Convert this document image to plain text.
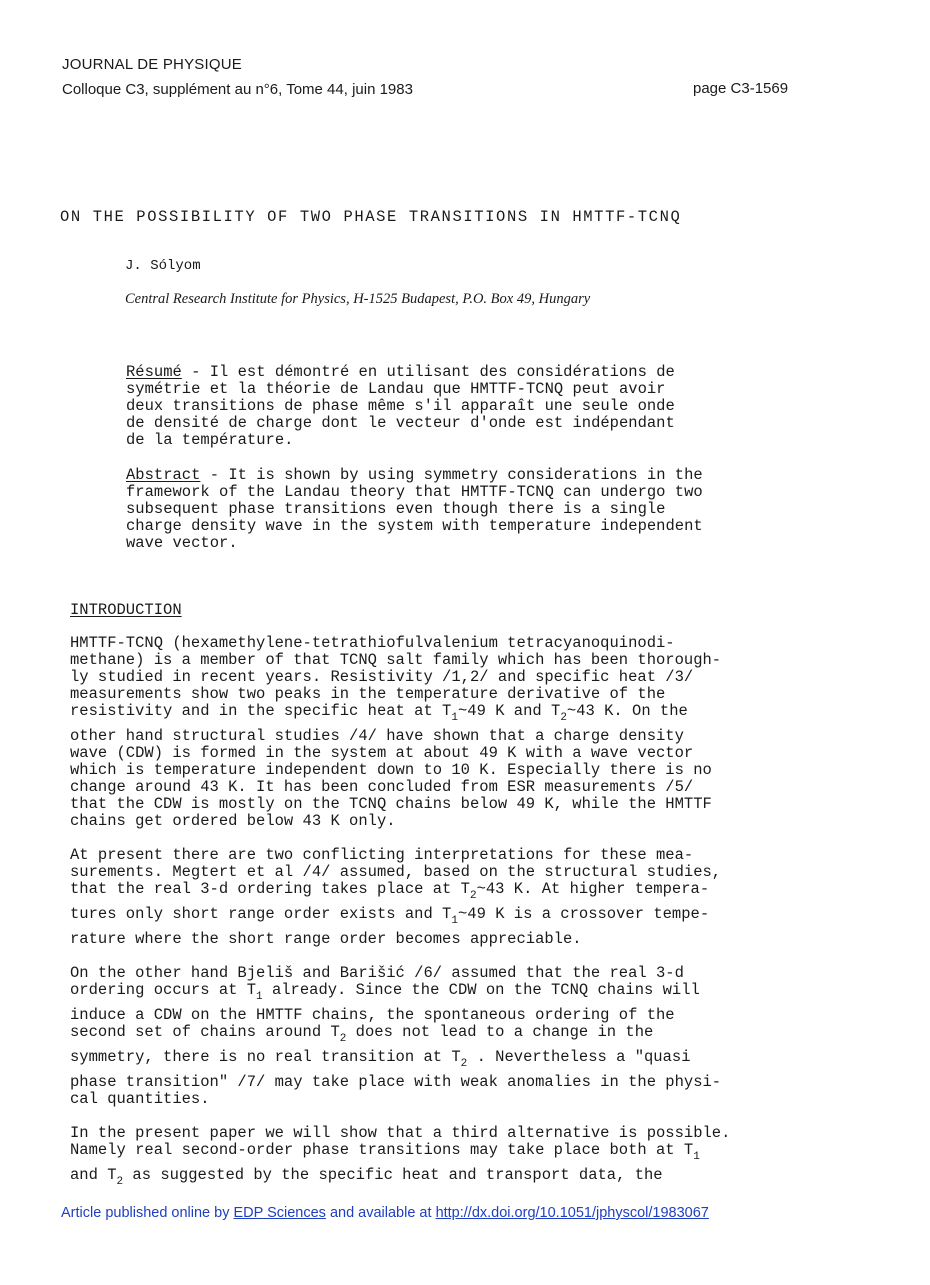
JOURNAL DE PHYSIQUE
Colloque C3, supplément au n°6, Tome 44, juin 1983	page C3-1569
ON THE POSSIBILITY OF TWO PHASE TRANSITIONS IN HMTTF-TCNQ
J. Sólyom
Central Research Institute for Physics, H-1525 Budapest, P.O. Box 49, Hungary
Résumé - Il est démontré en utilisant des considérations de
symétrie et la théorie de Landau que HMTTF-TCNQ peut avoir
deux transitions de phase même s'il apparaît une seule onde
de densité de charge dont le vecteur d'onde est indépendant
de la température.
Abstract - It is shown by using symmetry considerations in the
framework of the Landau theory that HMTTF-TCNQ can undergo two
subsequent phase transitions even though there is a single
charge density wave in the system with temperature independent
wave vector.
INTRODUCTION
HMTTF-TCNQ (hexamethylene-tetrathiofulvalenium tetracyanoquinodi-
methane) is a member of that TCNQ salt family which has been thorough-
ly studied in recent years. Resistivity /1,2/ and specific heat /3/
measurements show two peaks in the temperature derivative of the
resistivity and in the specific heat at $T_1\sim 49$ K and $T_2\sim 43$ K. On the
other hand structural studies /4/ have shown that a charge density
wave (CDW) is formed in the system at about 49 K with a wave vector
which is temperature independent down to 10 K. Especially there is no
change around 43 K. It has been concluded from ESR measurements /5/
that the CDW is mostly on the TCNQ chains below 49 K, while the HMTTF
chains get ordered below 43 K only.
At present there are two conflicting interpretations for these mea-
surements. Megtert et al /4/ assumed, based on the structural studies,
that the real 3-d ordering takes place at $T_2\sim 43$ K. At higher tempera-
tures only short range order exists and $T_1\sim 49$ K is a crossover tempe-
rature where the short range order becomes appreciable.
On the other hand Bjeliš and Barišić /6/ assumed that the real 3-d
ordering occurs at $T_1$ already. Since the CDW on the TCNQ chains will
induce a CDW on the HMTTF chains, the spontaneous ordering of the
second set of chains around $T_2$ does not lead to a change in the
symmetry, there is no real transition at $T_2$ . Nevertheless a "quasi
phase transition" /7/ may take place with weak anomalies in the physi-
cal quantities.
In the present paper we will show that a third alternative is possible.
Namely real second-order phase transitions may take place both at $T_1$
and $T_2$ as suggested by the specific heat and transport data, the
Article published online by EDP Sciences and available at http://dx.doi.org/10.1051/jphyscol/1983067
